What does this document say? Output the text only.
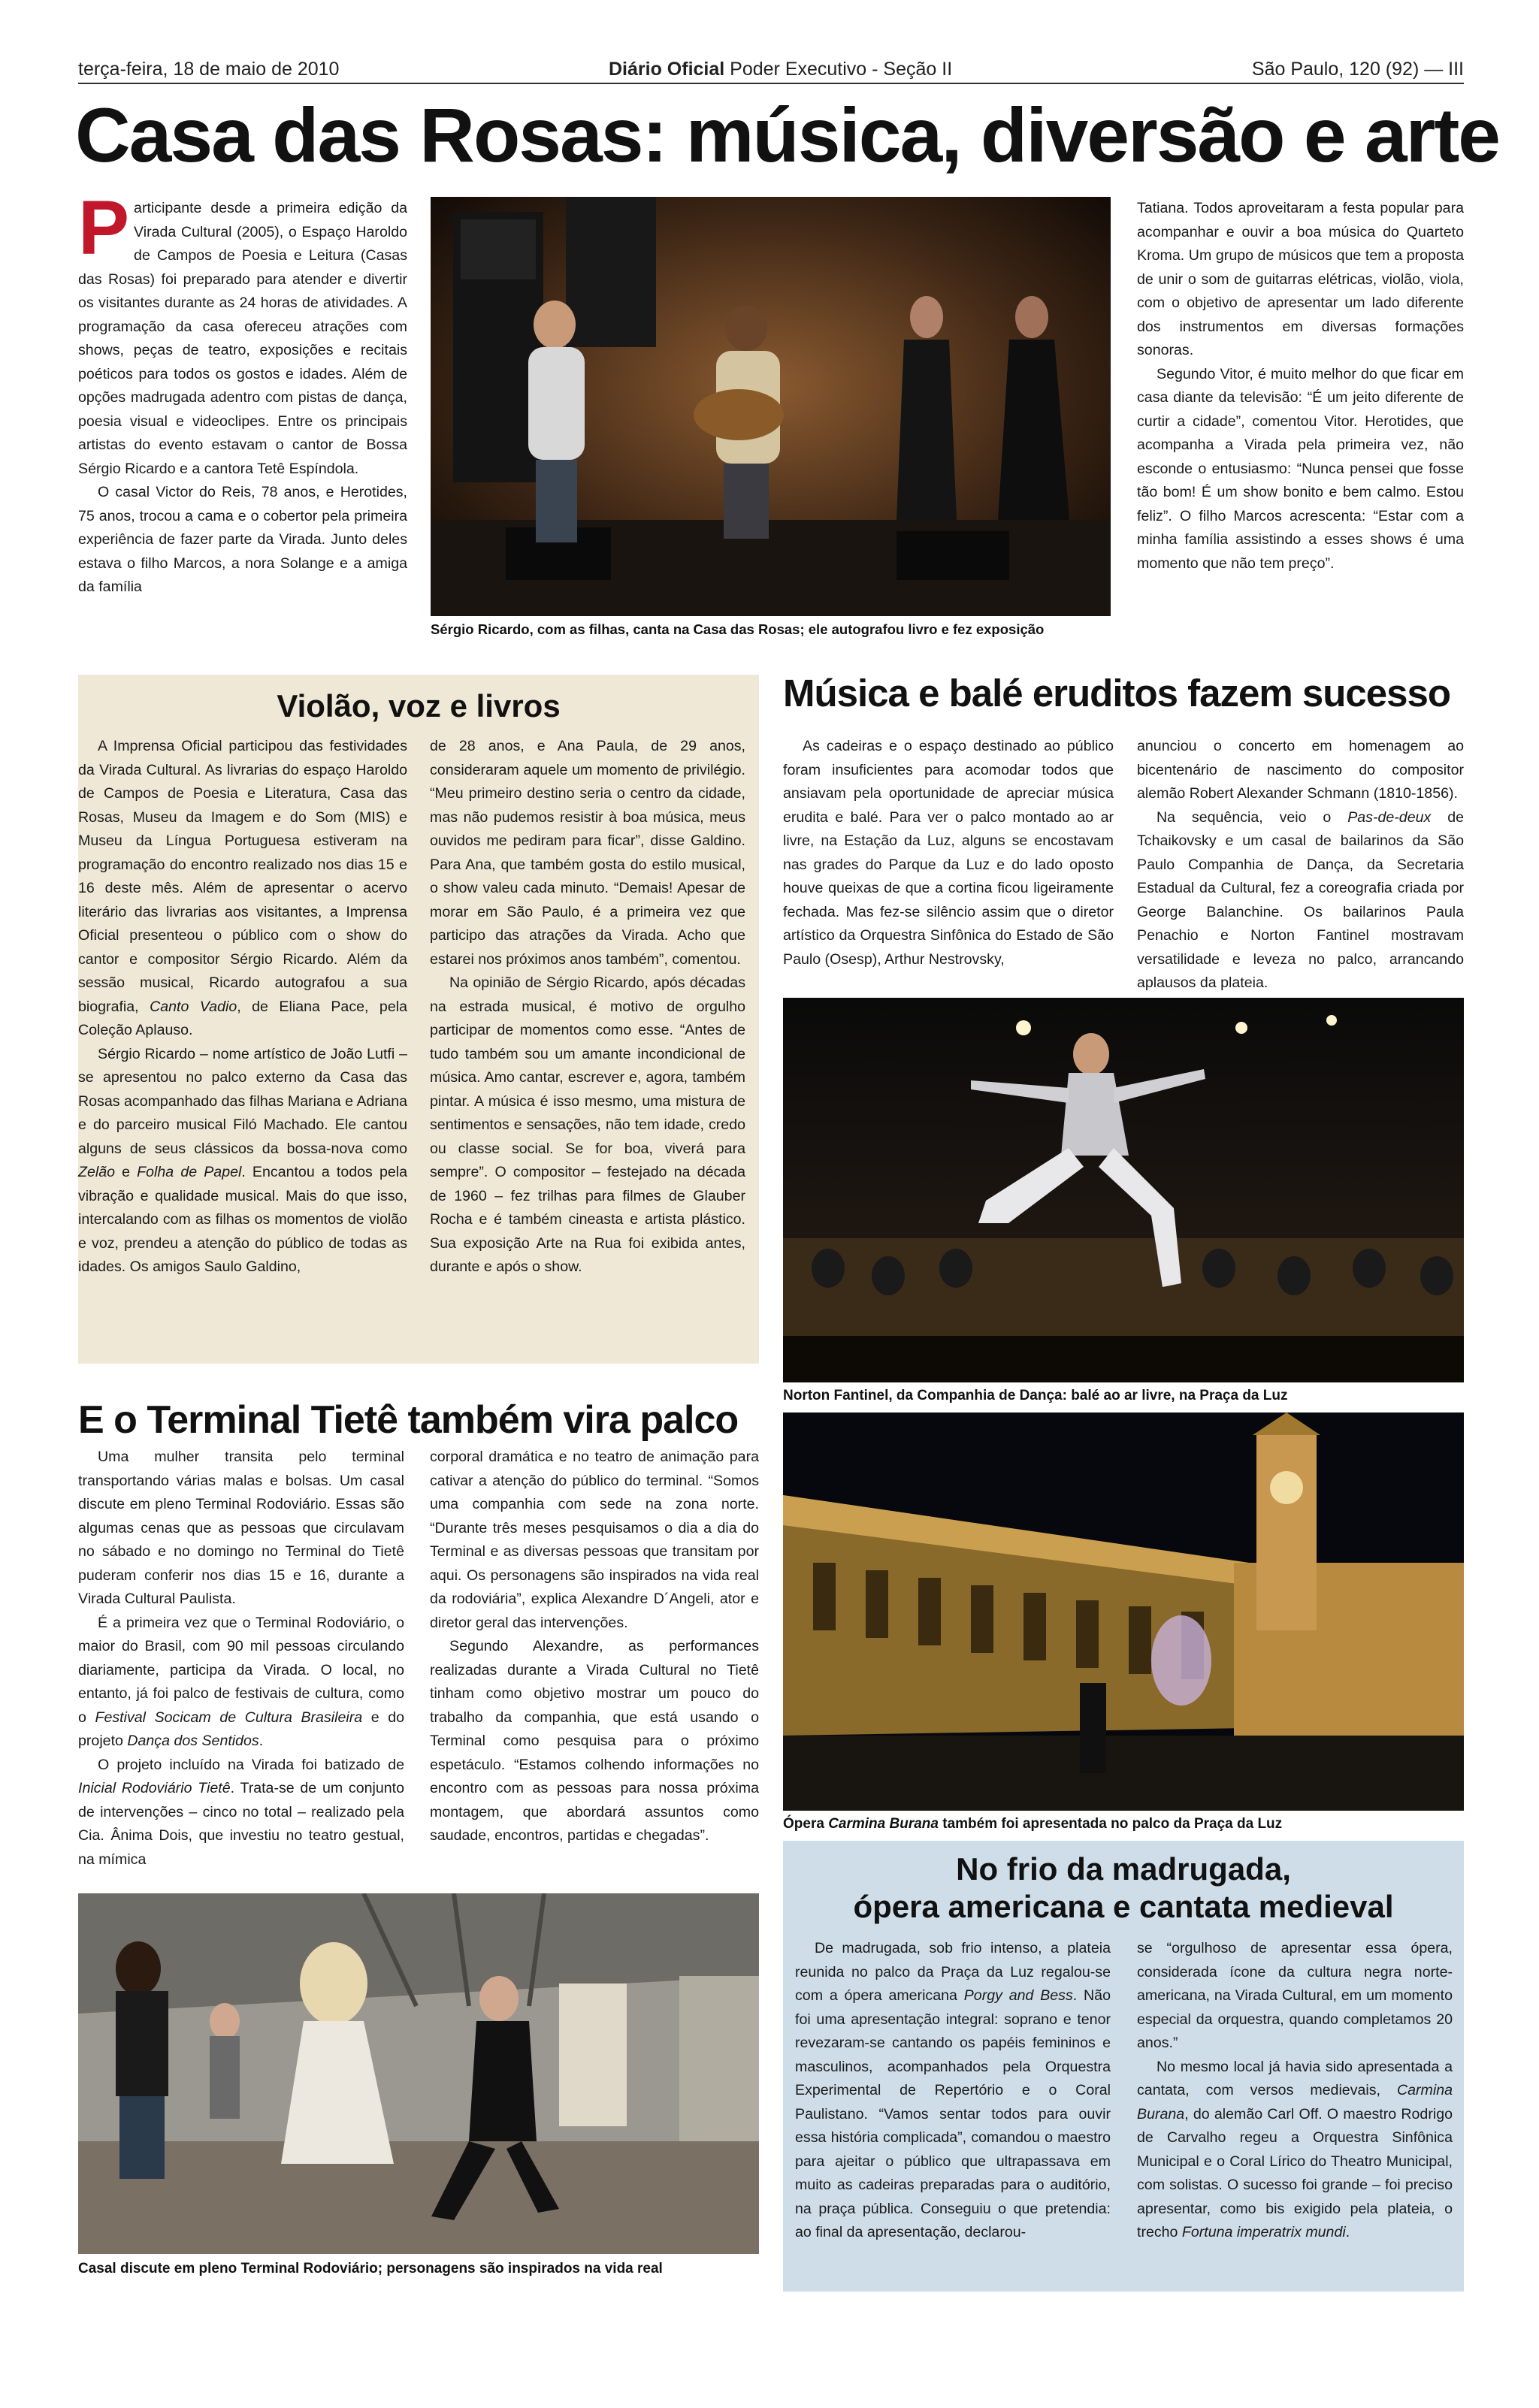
terça-feira, 18 de maio de 2010	Diário Oficial Poder Executivo - Seção II	São Paulo, 120 (92) — III
Casa das Rosas: música, diversão e arte

Participante desde a primeira edição da Virada Cultural (2005), o Espaço Haroldo de Campos de Poesia e Leitura (Casas das Rosas) foi preparado para atender e divertir os visitantes durante as 24 horas de atividades. A programação da casa ofereceu atrações com shows, peças de teatro, exposições e recitais poéticos para todos os gostos e idades. Além de opções madrugada adentro com pistas de dança, poesia visual e videoclipes. Entre os principais artistas do evento estavam o cantor de Bossa Sérgio Ricardo e a cantora Tetê Espíndola.

O casal Victor do Reis, 78 anos, e Herotides, 75 anos, trocou a cama e o cobertor pela primeira experiência de fazer parte da Virada. Junto deles estava o filho Marcos, a nora Solange e a amiga da família

Sérgio Ricardo, com as filhas, canta na Casa das Rosas; ele autografou livro e fez exposição

Tatiana. Todos aproveitaram a festa popular para acompanhar e ouvir a boa música do Quarteto Kroma. Um grupo de músicos que tem a proposta de unir o som de guitarras elétricas, violão, viola, com o objetivo de apresentar um lado diferente dos instrumentos em diversas formações sonoras.

Segundo Vitor, é muito melhor do que ficar em casa diante da televisão: “É um jeito diferente de curtir a cidade”, comentou Vitor. Herotides, que acompanha a Virada pela primeira vez, não esconde o entusiasmo: “Nunca pensei que fosse tão bom! É um show bonito e bem calmo. Estou feliz”. O filho Marcos acrescenta: “Estar com a minha família assistindo a esses shows é uma momento que não tem preço”.

Violão, voz e livros

A Imprensa Oficial participou das festividades da Virada Cultural. As livrarias do espaço Haroldo de Campos de Poesia e Literatura, Casa das Rosas, Museu da Imagem e do Som (MIS) e Museu da Língua Portuguesa estiveram na programação do encontro realizado nos dias 15 e 16 deste mês. Além de apresentar o acervo literário das livrarias aos visitantes, a Imprensa Oficial presenteou o público com o show do cantor e compositor Sérgio Ricardo. Além da sessão musical, Ricardo autografou a sua biografia, Canto Vadio, de Eliana Pace, pela Coleção Aplauso.

Sérgio Ricardo – nome artístico de João Lutfi – se apresentou no palco externo da Casa das Rosas acompanhado das filhas Mariana e Adriana e do parceiro musical Filó Machado. Ele cantou alguns de seus clássicos da bossa-nova como Zelão e Folha de Papel. Encantou a todos pela vibração e qualidade musical. Mais do que isso, intercalando com as filhas os momentos de violão e voz, prendeu a atenção do público de todas as idades. Os amigos Saulo Galdino,

de 28 anos, e Ana Paula, de 29 anos, consideraram aquele um momento de privilégio. “Meu primeiro destino seria o centro da cidade, mas não pudemos resistir à boa música, meus ouvidos me pediram para ficar”, disse Galdino. Para Ana, que também gosta do estilo musical, o show valeu cada minuto. “Demais! Apesar de morar em São Paulo, é a primeira vez que participo das atrações da Virada. Acho que estarei nos próximos anos também”, comentou.

Na opinião de Sérgio Ricardo, após décadas na estrada musical, é motivo de orgulho participar de momentos como esse. “Antes de tudo também sou um amante incondicional de música. Amo cantar, escrever e, agora, também pintar. A música é isso mesmo, uma mistura de sentimentos e sensações, não tem idade, credo ou classe social. Se for boa, viverá para sempre”. O compositor – festejado na década de 1960 – fez trilhas para filmes de Glauber Rocha e é também cineasta e artista plástico. Sua exposição Arte na Rua foi exibida antes, durante e após o show.

Música e balé eruditos fazem sucesso

As cadeiras e o espaço destinado ao público foram insuficientes para acomodar todos que ansiavam pela oportunidade de apreciar música erudita e balé. Para ver o palco montado ao ar livre, na Estação da Luz, alguns se encostavam nas grades do Parque da Luz e do lado oposto houve queixas de que a cortina ficou ligeiramente fechada. Mas fez-se silêncio assim que o diretor artístico da Orquestra Sinfônica do Estado de São Paulo (Osesp), Arthur Nestrovsky,

anunciou o concerto em homenagem ao bicentenário de nascimento do compositor alemão Robert Alexander Schmann (1810-1856).

Na sequência, veio o Pas-de-deux de Tchaikovsky e um casal de bailarinos da São Paulo Companhia de Dança, da Secretaria Estadual da Cultural, fez a coreografia criada por George Balanchine. Os bailarinos Paula Penachio e Norton Fantinel mostravam versatilidade e leveza no palco, arrancando aplausos da plateia.

Norton Fantinel, da Companhia de Dança: balé ao ar livre, na Praça da Luz
Ópera Carmina Burana também foi apresentada no palco da Praça da Luz
E o Terminal Tietê também vira palco

Uma mulher transita pelo terminal transportando várias malas e bolsas. Um casal discute em pleno Terminal Rodoviário. Essas são algumas cenas que as pessoas que circulavam no sábado e no domingo no Terminal do Tietê puderam conferir nos dias 15 e 16, durante a Virada Cultural Paulista.

É a primeira vez que o Terminal Rodoviário, o maior do Brasil, com 90 mil pessoas circulando diariamente, participa da Virada. O local, no entanto, já foi palco de festivais de cultura, como o Festival Socicam de Cultura Brasileira e do projeto Dança dos Sentidos.

O projeto incluído na Virada foi batizado de Inicial Rodoviário Tietê. Trata-se de um conjunto de intervenções – cinco no total – realizado pela Cia. Ânima Dois, que investiu no teatro gestual, na mímica

corporal dramática e no teatro de animação para cativar a atenção do público do terminal. “Somos uma companhia com sede na zona norte. “Durante três meses pesquisamos o dia a dia do Terminal e as diversas pessoas que transitam por aqui. Os personagens são inspirados na vida real da rodoviária”, explica Alexandre D´Angeli, ator e diretor geral das intervenções.

Segundo Alexandre, as performances realizadas durante a Virada Cultural no Tietê tinham como objetivo mostrar um pouco do trabalho da companhia, que está usando o Terminal como pesquisa para o próximo espetáculo. “Estamos colhendo informações no encontro com as pessoas para nossa próxima montagem, que abordará assuntos como saudade, encontros, partidas e chegadas”.

Casal discute em pleno Terminal Rodoviário; personagens são inspirados na vida real
No frio da madrugada,
ópera americana e cantata medieval

De madrugada, sob frio intenso, a plateia reunida no palco da Praça da Luz regalou-se com a ópera americana Porgy and Bess. Não foi uma apresentação integral: soprano e tenor revezaram-se cantando os papéis femininos e masculinos, acompanhados pela Orquestra Experimental de Repertório e o Coral Paulistano. “Vamos sentar todos para ouvir essa história complicada”, comandou o maestro para ajeitar o público que ultrapassava em muito as cadeiras preparadas para o auditório, na praça pública. Conseguiu o que pretendia: ao final da apresentação, declarou-

se “orgulhoso de apresentar essa ópera, considerada ícone da cultura negra norte-americana, na Virada Cultural, em um momento especial da orquestra, quando completamos 20 anos.”

No mesmo local já havia sido apresentada a cantata, com versos medievais, Carmina Burana, do alemão Carl Off. O maestro Rodrigo de Carvalho regeu a Orquestra Sinfônica Municipal e o Coral Lírico do Theatro Municipal, com solistas. O sucesso foi grande – foi preciso apresentar, como bis exigido pela plateia, o trecho Fortuna imperatrix mundi.
